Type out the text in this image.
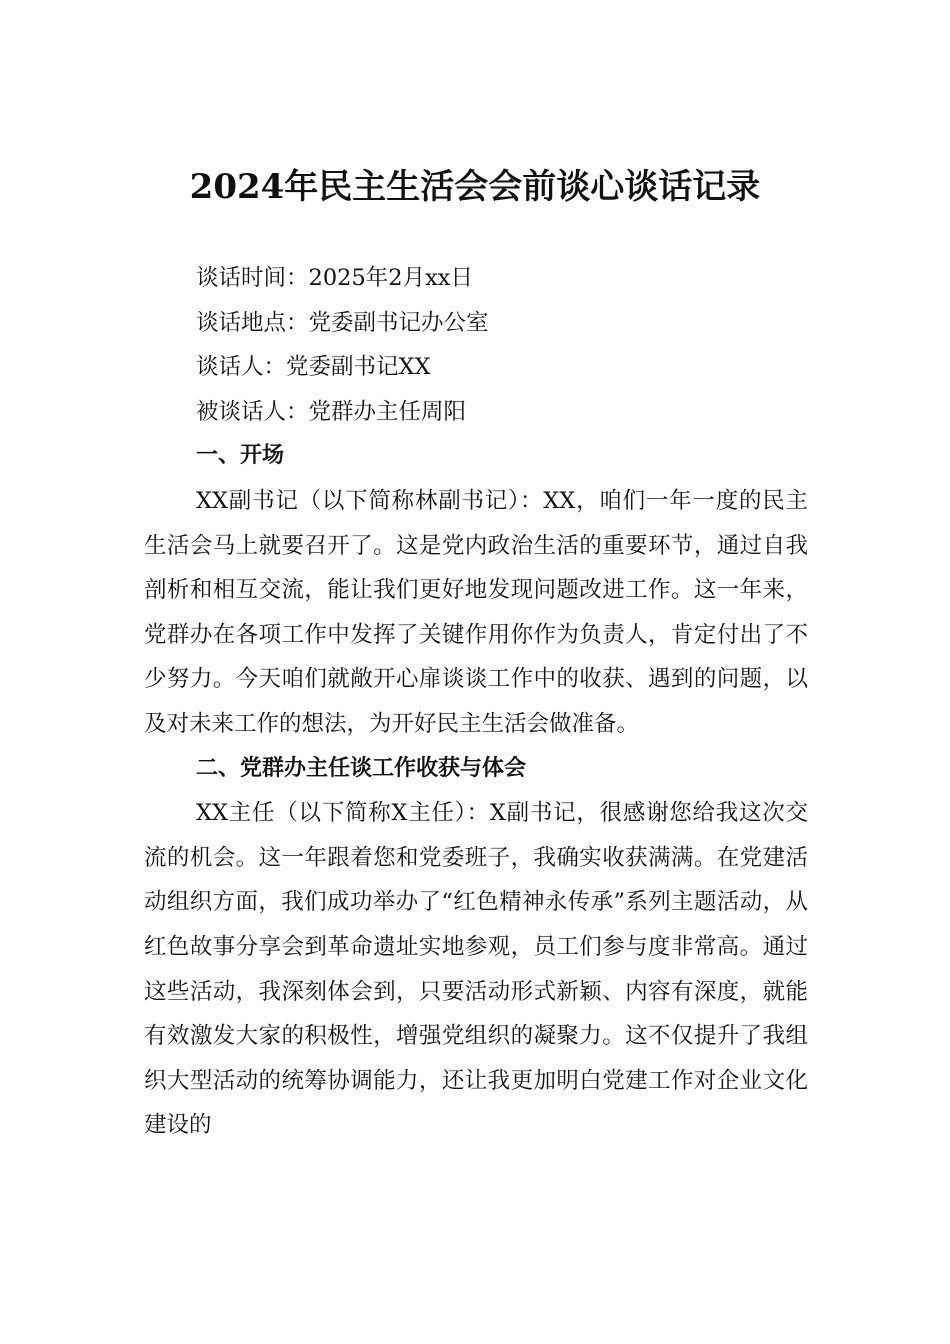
2024年民主生活会会前谈心谈话记录

谈话时间：2025年2月xx日

谈话地点：党委副书记办公室

谈话人：党委副书记XX

被谈话人：党群办主任周阳

一、开场

XX副书记（以下简称林副书记）：XX，咱们一年一度的民主生活会马上就要召开了。这是党内政治生活的重要环节，通过自我剖析和相互交流，能让我们更好地发现问题改进工作。这一年来，党群办在各项工作中发挥了关键作用你作为负责人，肯定付出了不少努力。今天咱们就敞开心扉谈谈工作中的收获、遇到的问题，以及对未来工作的想法，为开好民主生活会做准备。

二、党群办主任谈工作收获与体会

XX主任（以下简称X主任）：X副书记，很感谢您给我这次交流的机会。这一年跟着您和党委班子，我确实收获满满。在党建活动组织方面，我们成功举办了“红色精神永传承”系列主题活动，从红色故事分享会到革命遗址实地参观，员工们参与度非常高。通过这些活动，我深刻体会到，只要活动形式新颖、内容有深度，就能有效激发大家的积极性，增强党组织的凝聚力。这不仅提升了我组织大型活动的统筹协调能力，还让我更加明白党建工作对企业文化建设的
